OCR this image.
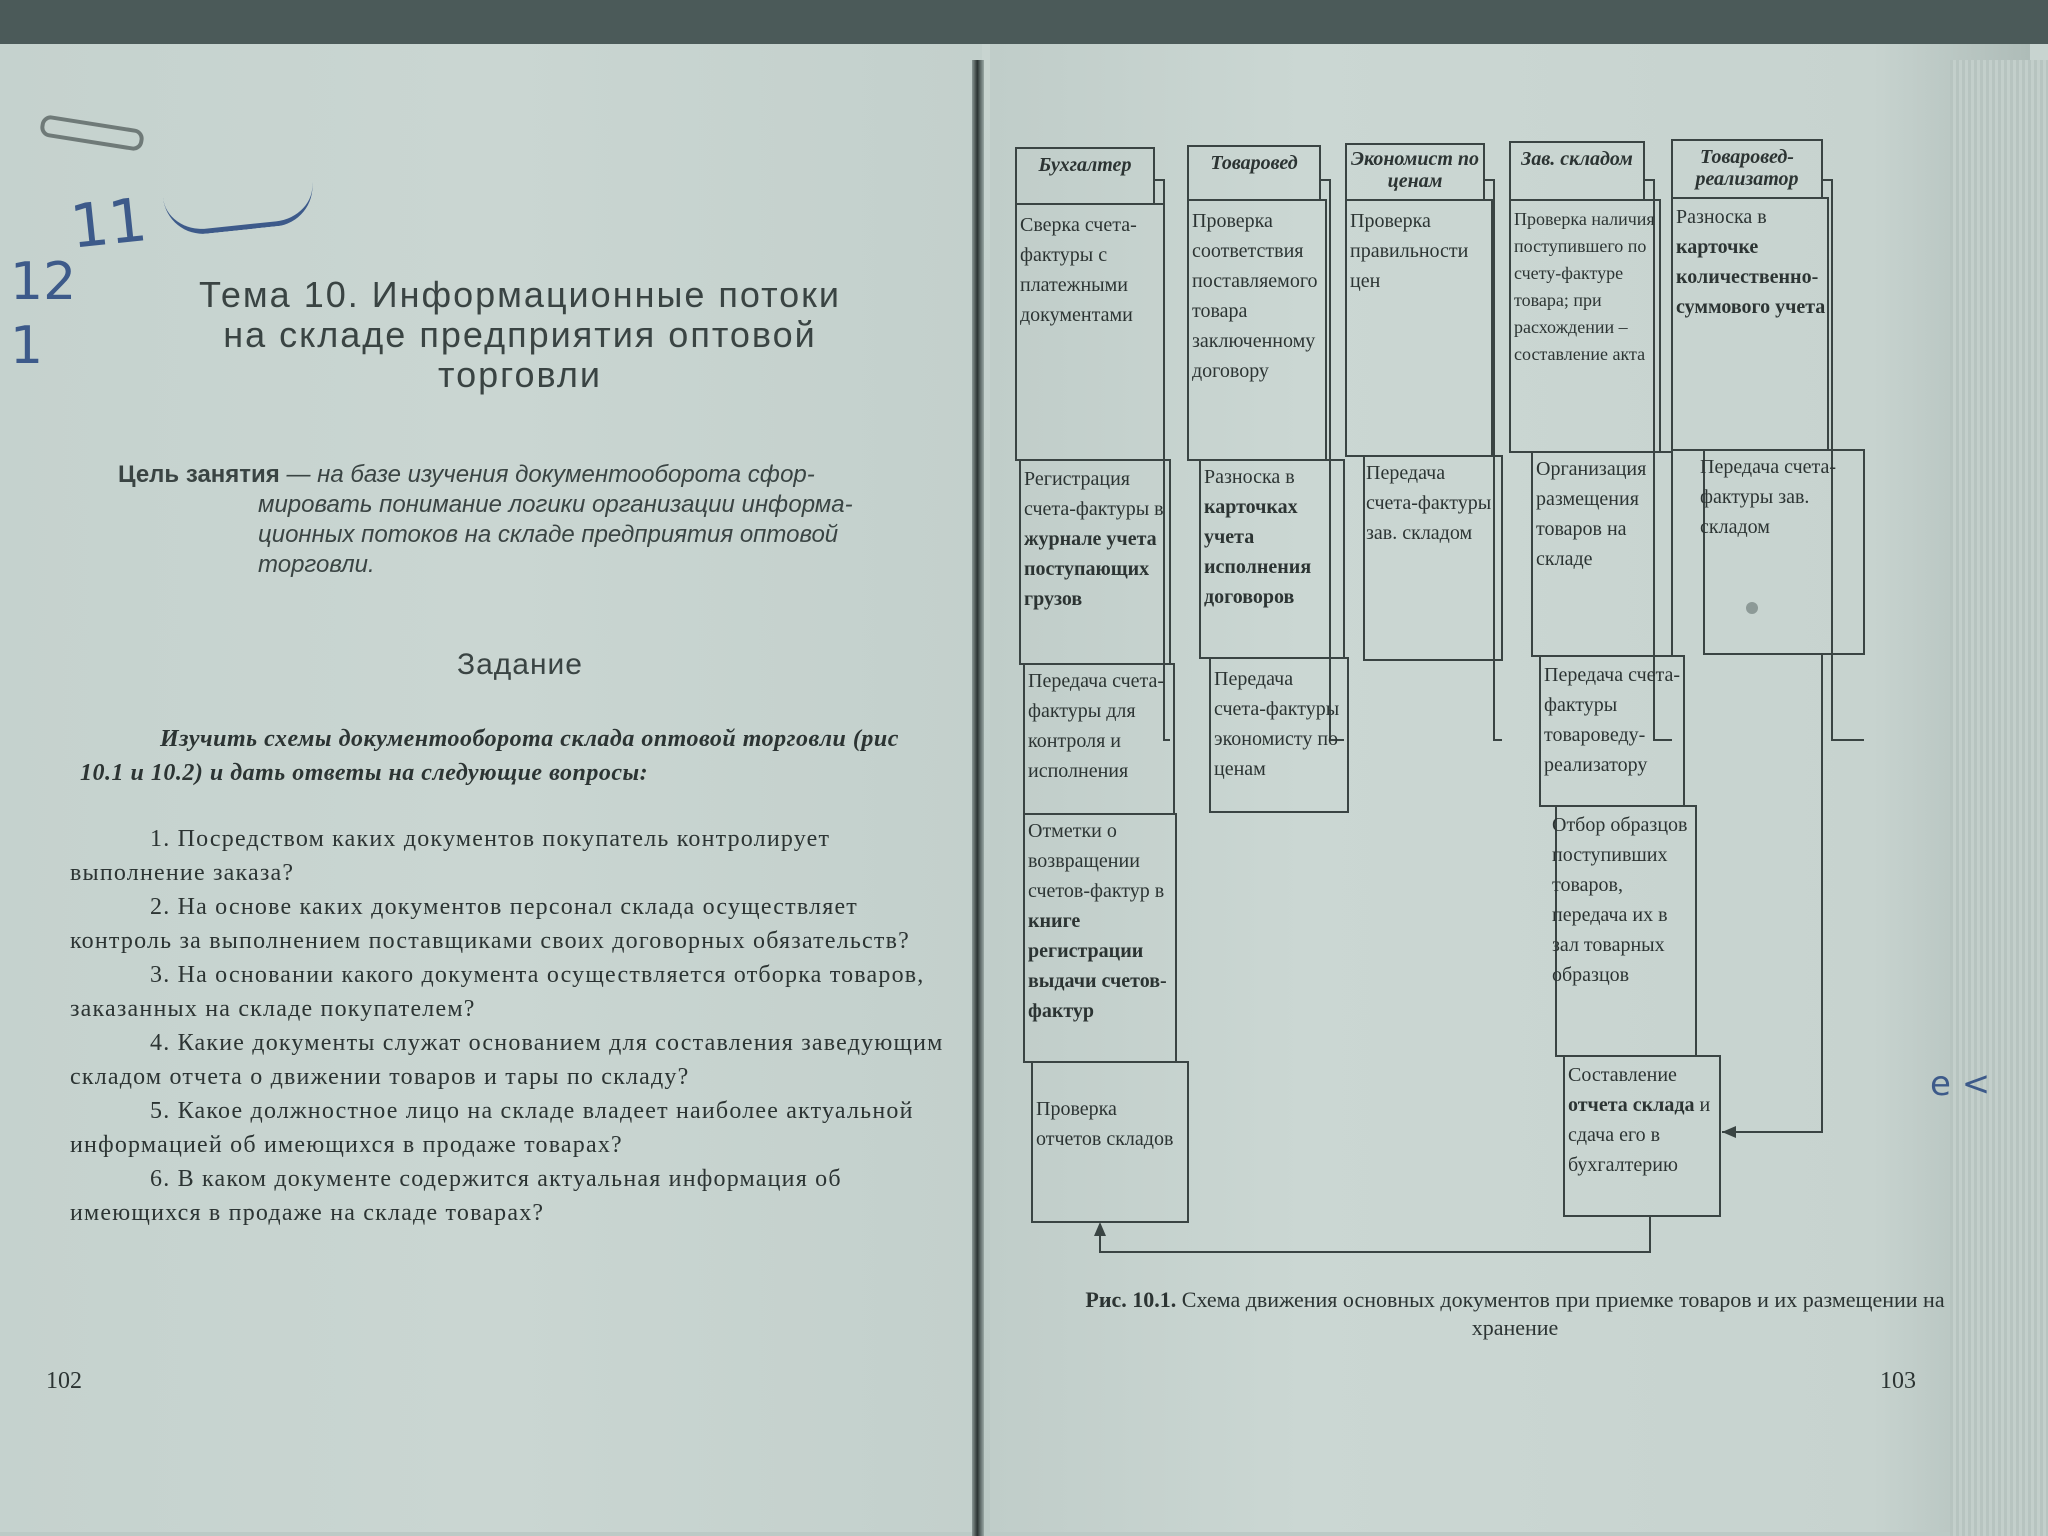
11
12
1
Тема 10. Информационные потоки
на складе предприятия оптовой
торговли
Цель занятия — на базе изучения документооборота сфор-
мировать понимание логики организации информа-
ционных потоков на складе предприятия оптовой
торговли.
Задание
Изучить схемы документооборота склада оптовой торговли (рис 10.1 и 10.2) и дать ответы на следующие вопросы:

1. Посредством каких документов покупатель контролирует выполнение заказа?

2. На основе каких документов персонал склада осуществляет контроль за выполнением поставщиками своих договорных обязательств?

3. На основании какого документа осуществляется отборка товаров, заказанных на складе покупателем?

4. Какие документы служат основанием для составления заведующим складом отчета о движении товаров и тары по складу?

5. Какое должностное лицо на складе владеет наиболее актуальной информацией об имеющихся в продаже товарах?

6. В каком документе содержится актуальная информация об имеющихся в продаже на складе товарах?

102
Бухгалтер	Товаровед	Экономист по ценам
Зав. складом	Товаровед-реализатор
Сверка счета-фактуры с платежными документами
Регистрация счета-фактуры в журнале учета поступающих грузов
Передача счета-фактуры для контроля и исполнения
Отметки о возвращении счетов-фактур в книге регистрации выдачи счетов-фактур
Проверка отчетов складов
Проверка соответствия поставляемого товара заключенному договору
Разноска в карточках учета исполнения договоров
Передача счета-фактуры экономисту по ценам
Проверка правильности цен
Передача счета-фактуры зав. складом
Проверка наличия поступившего по счету-фактуре товара; при расхождении – составление акта
Организация размещения товаров на складе
Передача счета-фактуры товароведу-реализатору
Отбор образцов поступивших товаров, передача их в зал товарных образцов
Составление отчета склада и сдача его в бухгалтерию
Разноска в карточке количественно-суммового учета
Передача счета-фактуры зав. складом
Рис. 10.1. Схема движения основных документов при приемке товаров и их размещении на хранение
103
e <
